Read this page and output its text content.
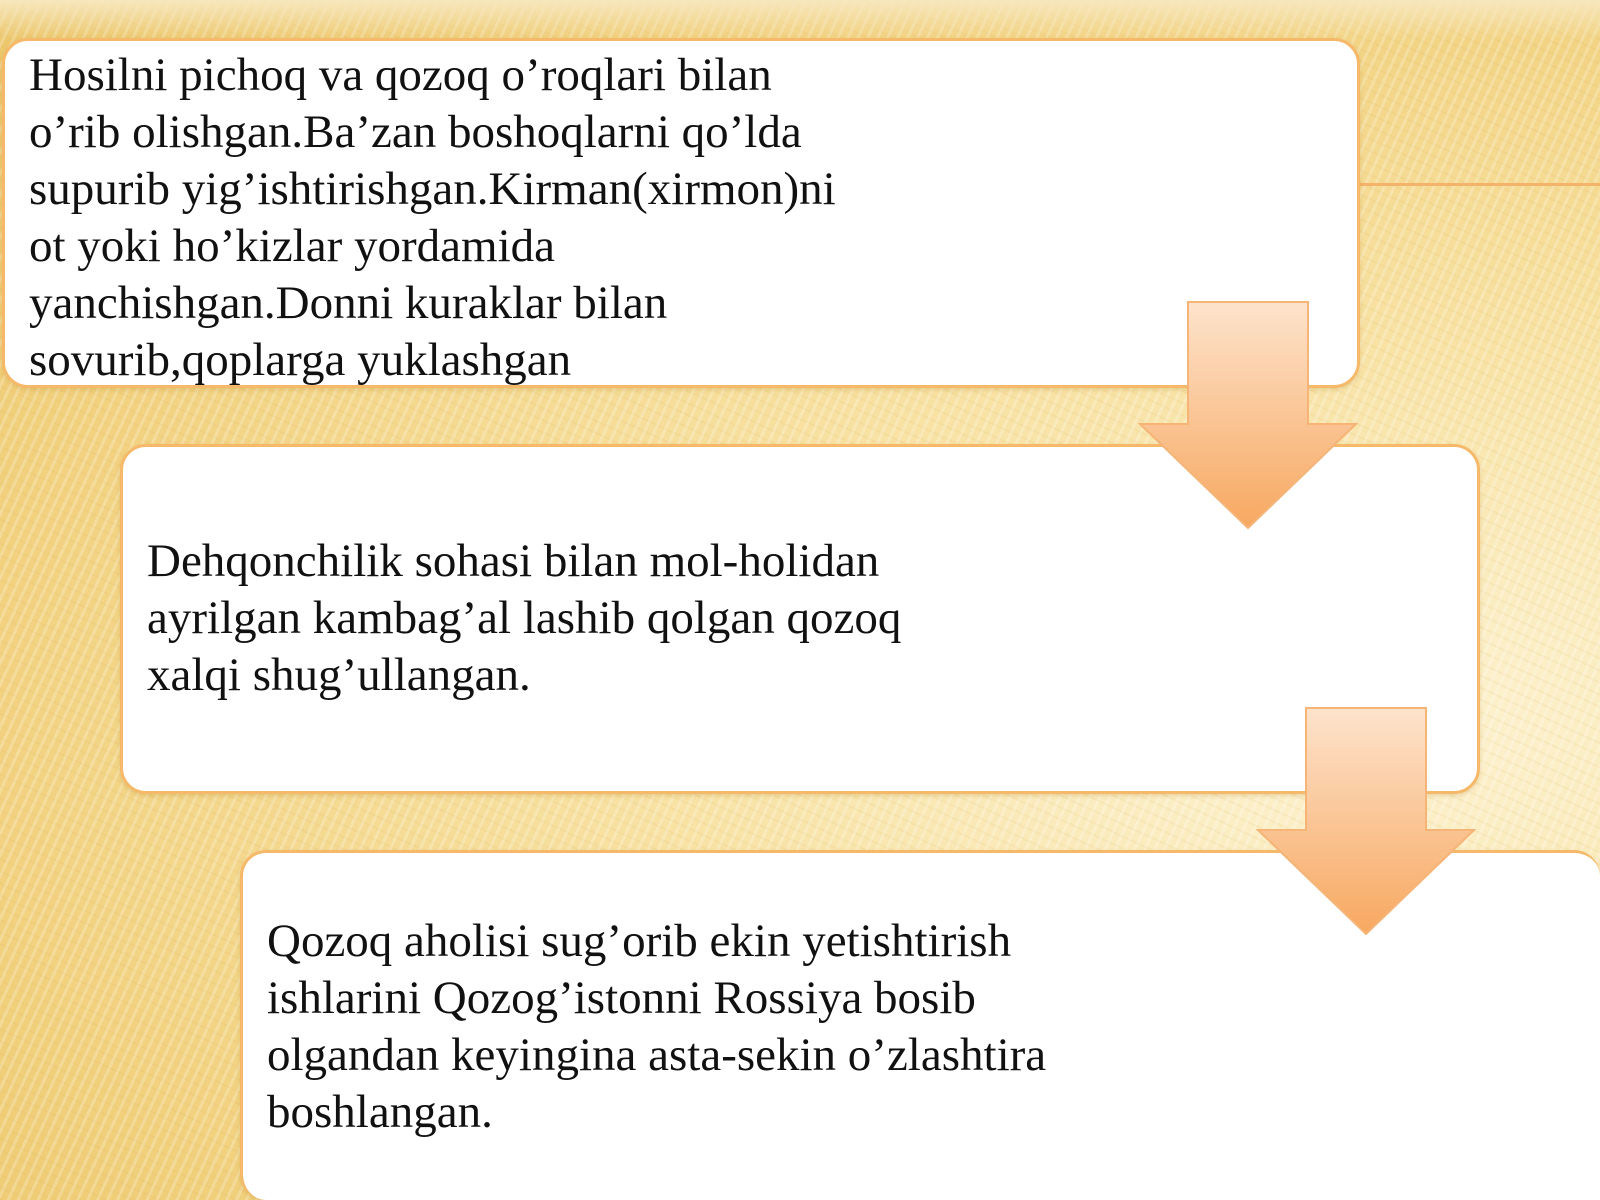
Hosilni pichoq va qozoq o’roqlari bilan
o’rib olishgan.Ba’zan boshoqlarni qo’lda
supurib yig’ishtirishgan.Kirman(xirmon)ni
ot yoki ho’kizlar yordamida
yanchishgan.Donni kuraklar bilan
sovurib,qoplarga yuklashgan

Dehqonchilik sohasi bilan mol-holidan
ayrilgan kambag’al lashib qolgan qozoq
xalqi shug’ullangan.

Qozoq aholisi sug’orib ekin yetishtirish
ishlarini Qozog’istonni Rossiya bosib
olgandan keyingina asta-sekin o’zlashtira
boshlangan.
